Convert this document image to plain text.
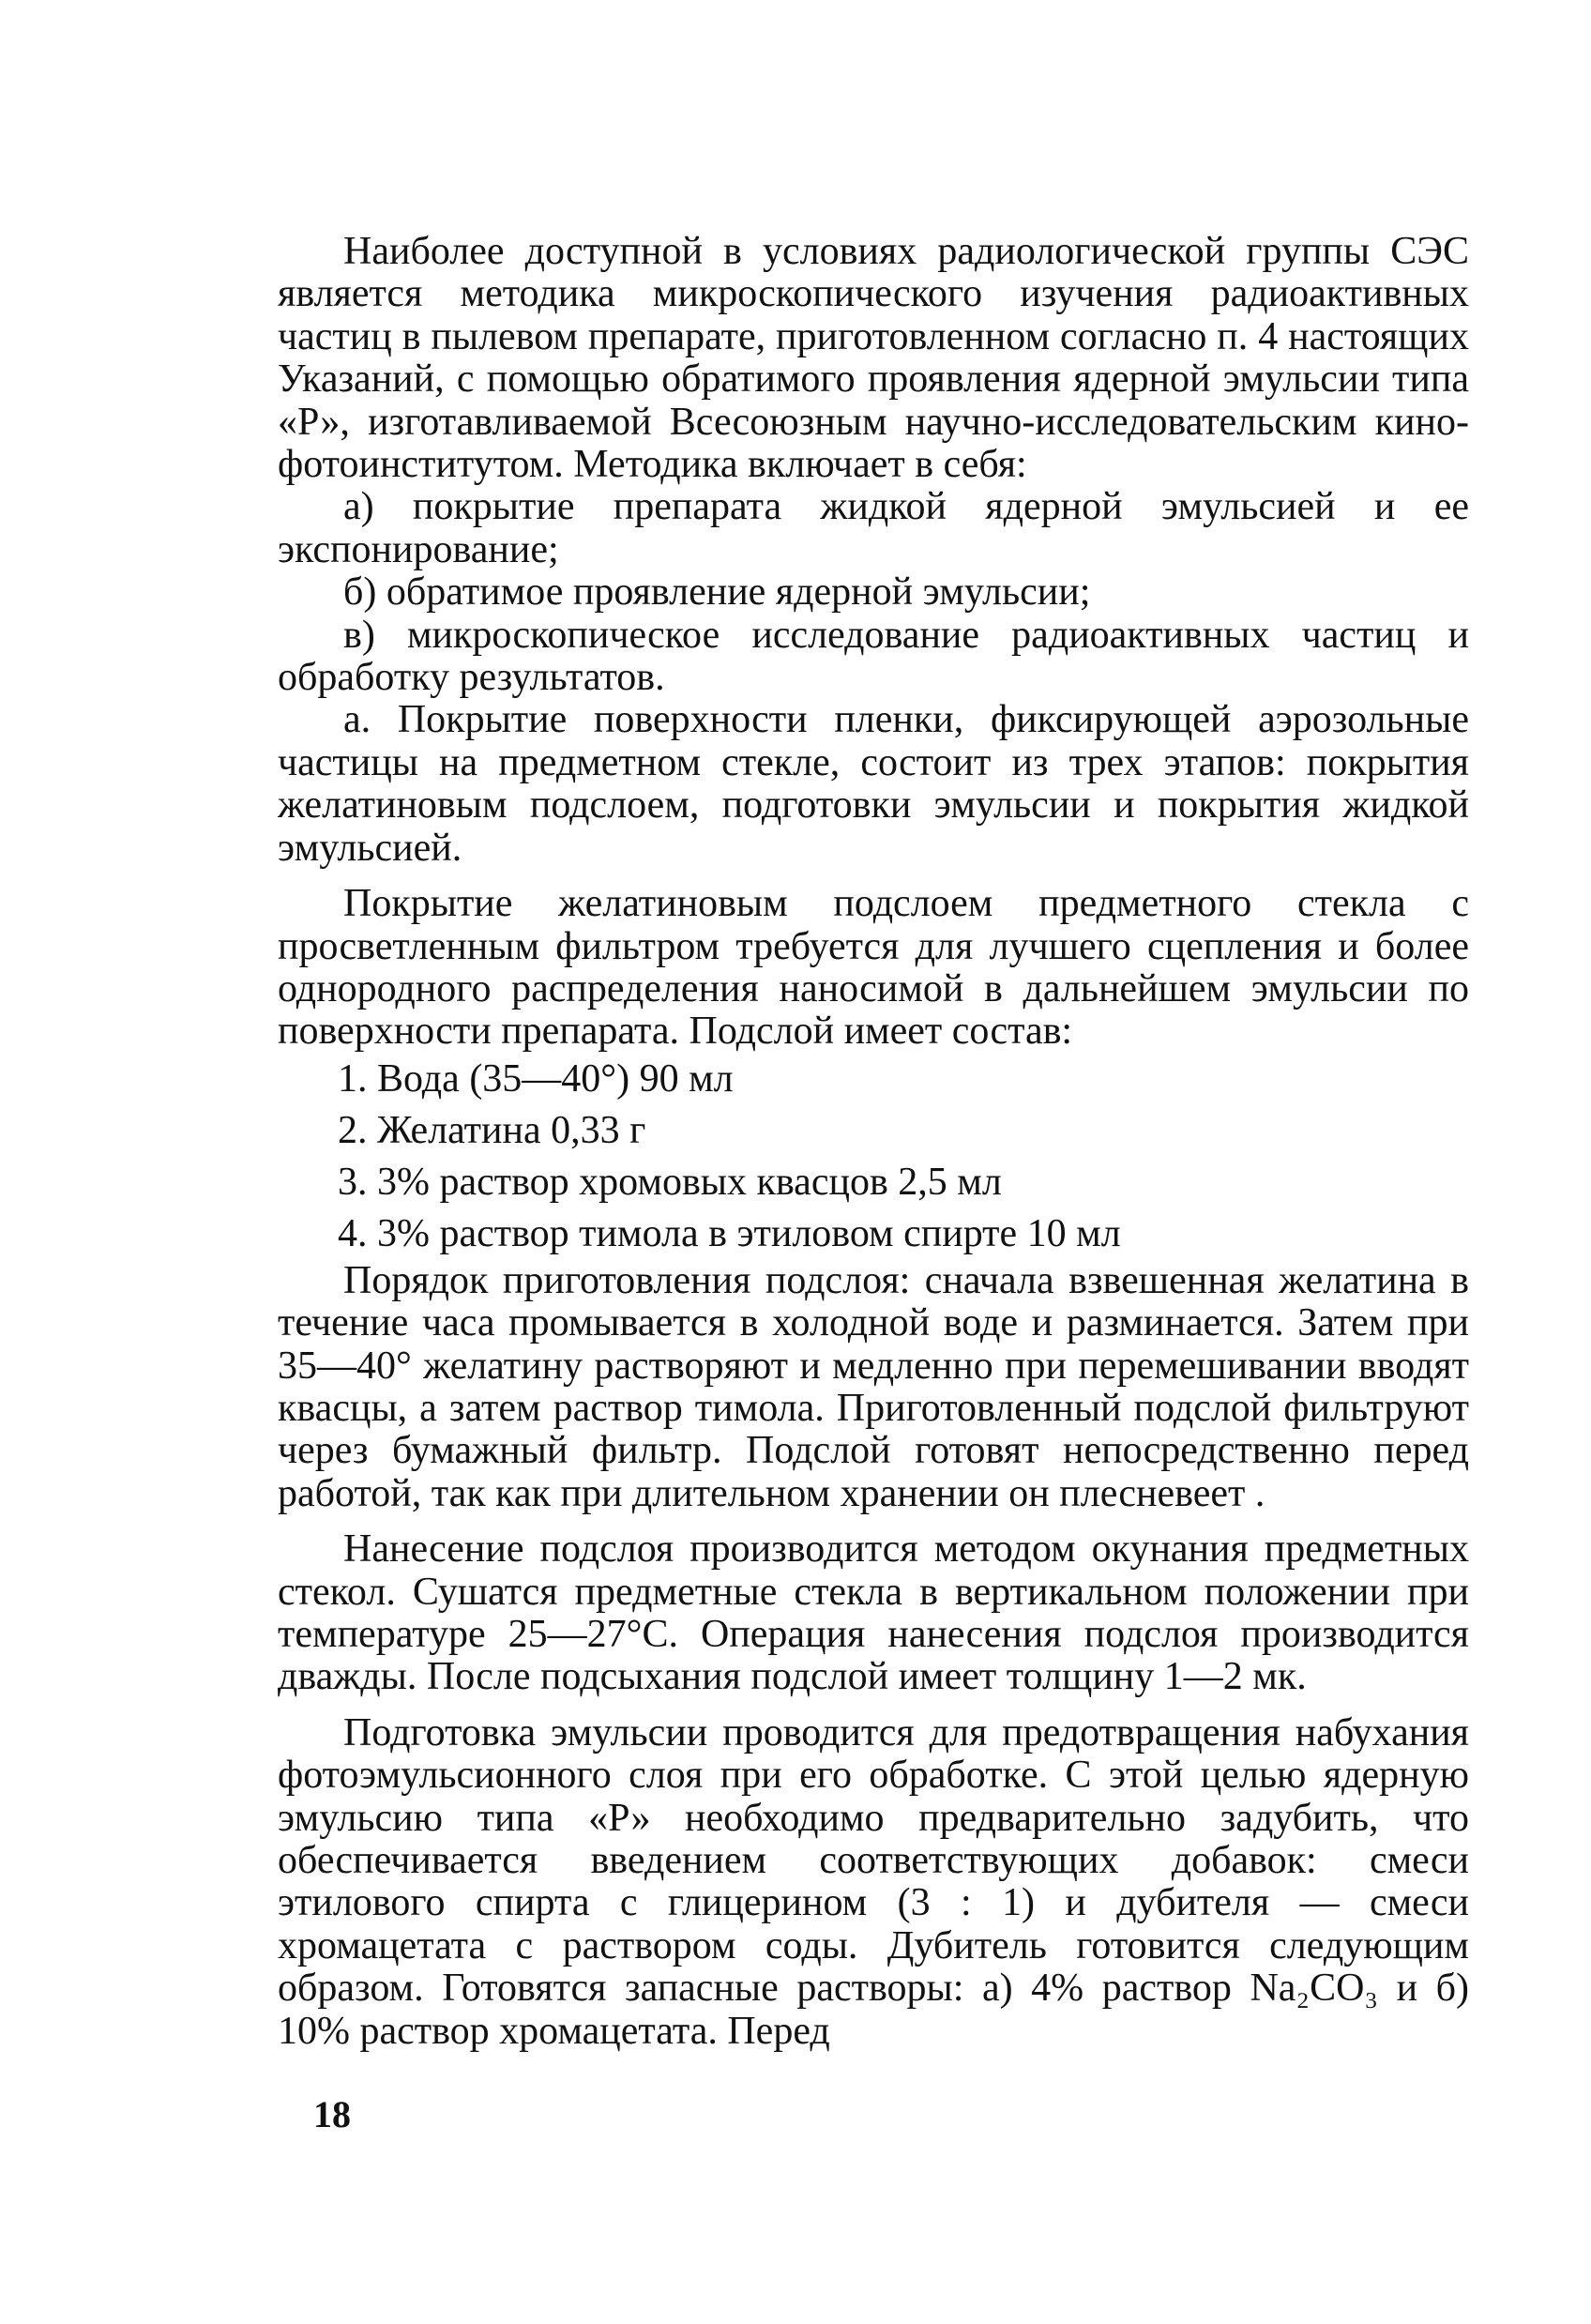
Наиболее доступной в условиях радиологической группы СЭС является методика микроскопического изучения радиоактивных частиц в пылевом препарате, приготовленном согласно п. 4 настоящих Указаний, с помощью обратимого проявления ядерной эмульсии типа «Р», изготавливаемой Всесоюзным научно-исследовательским кино-фотоинститутом. Методика включает в себя:

а) покрытие препарата жидкой ядерной эмульсией и ее экспонирование;

б) обратимое проявление ядерной эмульсии;

в) микроскопическое исследование радиоактивных частиц и обработку результатов.

а. Покрытие поверхности пленки, фиксирующей аэрозольные частицы на предметном стекле, состоит из трех этапов: покрытия желатиновым подслоем, подготовки эмульсии и покрытия жидкой эмульсией.

Покрытие желатиновым подслоем предметного стекла с просветленным фильтром требуется для лучшего сцепления и более однородного распределения наносимой в дальнейшем эмульсии по поверхности препарата. Подслой имеет состав:

1. Вода (35—40°) 90 мл

2. Желатина 0,33 г

3. 3% раствор хромовых квасцов 2,5 мл

4. 3% раствор тимола в этиловом спирте 10 мл

Порядок приготовления подслоя: сначала взвешенная желатина в течение часа промывается в холодной воде и разминается. Затем при 35—40° желатину растворяют и медленно при перемешивании вводят квасцы, а затем раствор тимола. Приготовленный подслой фильтруют через бумажный фильтр. Подслой готовят непосредственно перед работой, так как при длительном хранении он плесневеет .

Нанесение подслоя производится методом окунания предметных стекол. Сушатся предметные стекла в вертикальном положении при температуре 25—27°С. Операция нанесения подслоя производится дважды. После подсыхания подслой имеет толщину 1—2 мк.

Подготовка эмульсии проводится для предотвращения набухания фотоэмульсионного слоя при его обработке. С этой целью ядерную эмульсию типа «Р» необходимо предварительно задубить, что обеспечивается введением соответствующих добавок: смеси этилового спирта с глицерином (3 : 1) и дубителя — смеси хромацетата с раствором соды. Дубитель готовится следующим образом. Готовятся запасные растворы: а) 4% раствор Na₂CO₃ и б) 10% раствор хромацетата. Перед

18
